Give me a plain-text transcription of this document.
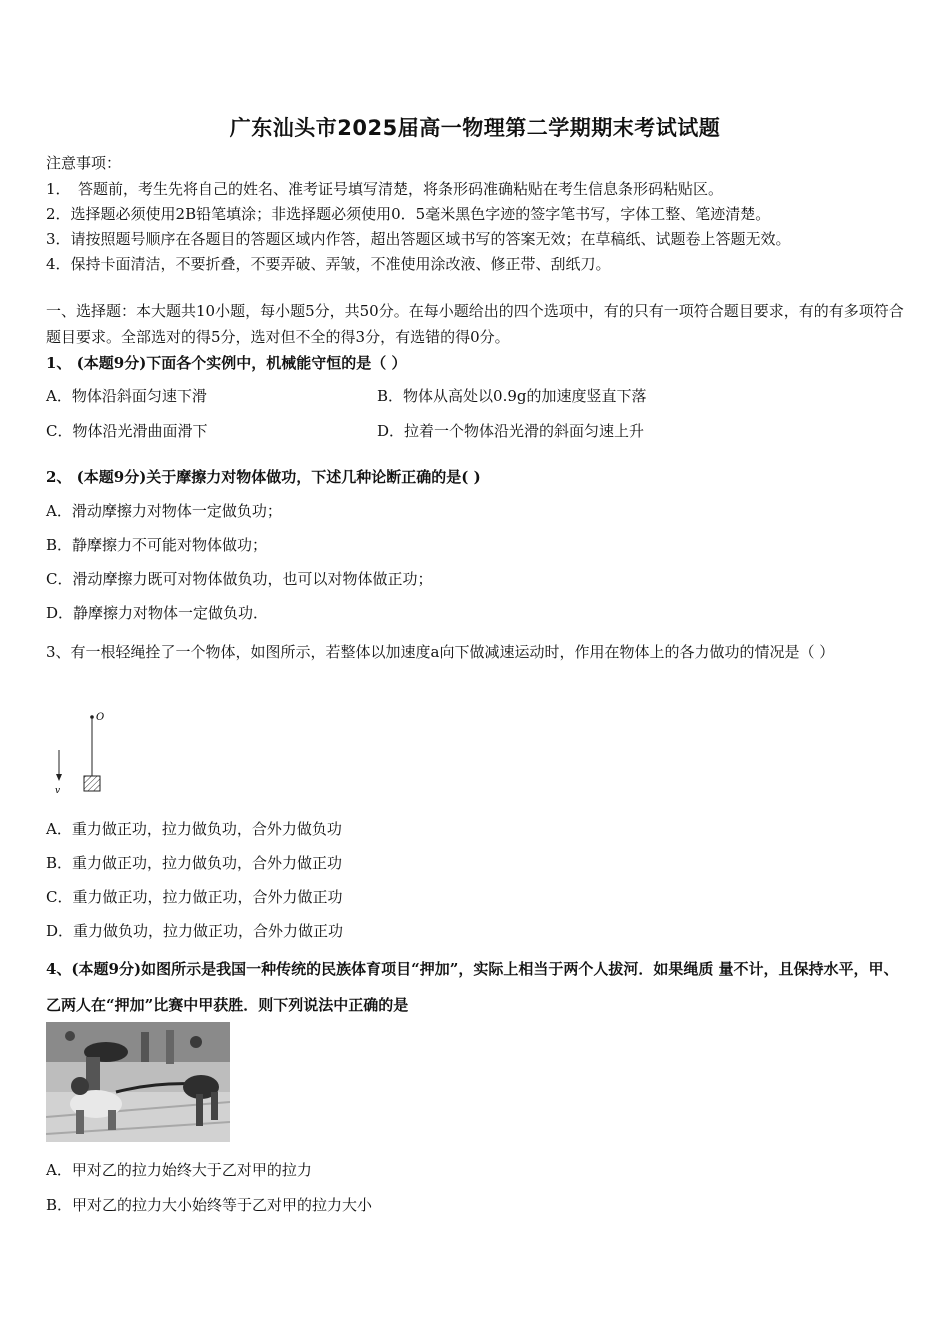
广东汕头市2025届高一物理第二学期期末考试试题
注意事项：
1．　答题前，考生先将自己的姓名、准考证号填写清楚，将条形码准确粘贴在考生信息条形码粘贴区。
2．选择题必须使用2B铅笔填涂；非选择题必须使用0．5毫米黑色字迹的签字笔书写，字体工整、笔迹清楚。
3．请按照题号顺序在各题目的答题区域内作答，超出答题区域书写的答案无效；在草稿纸、试题卷上答题无效。
4．保持卡面清洁，不要折叠，不要弄破、弄皱，不准使用涂改液、修正带、刮纸刀。
一、选择题：本大题共10小题，每小题5分，共50分。在每小题给出的四个选项中，有的只有一项符合题目要求，有的有多项符合题目要求。全部选对的得5分，选对但不全的得3分，有选错的得0分。
1、 (本题9分)下面各个实例中，机械能守恒的是（ ）
A．物体沿斜面匀速下滑	B．物体从高处以0.9g的加速度竖直下落
C．物体沿光滑曲面滑下	D．拉着一个物体沿光滑的斜面匀速上升
2、 (本题9分)关于摩擦力对物体做功，下述几种论断正确的是( )
A．滑动摩擦力对物体一定做负功；
B．静摩擦力不可能对物体做功；
C．滑动摩擦力既可对物体做负功，也可以对物体做正功；
D．静摩擦力对物体一定做负功．
3、有一根轻绳拴了一个物体，如图所示，若整体以加速度a向下做减速运动时，作用在物体上的各力做功的情况是（ ）
O
v
A．重力做正功，拉力做负功，合外力做负功
B．重力做正功，拉力做负功，合外力做正功
C．重力做正功，拉力做正功，合外力做正功
D．重力做负功，拉力做正功，合外力做正功
4、(本题9分)如图所示是我国一种传统的民族体育项目“押加”，实际上相当于两个人拔河．如果绳质 量不计，且保持水平，甲、乙两人在“押加”比赛中甲获胜．则下列说法中正确的是
A．甲对乙的拉力始终大于乙对甲的拉力
B．甲对乙的拉力大小始终等于乙对甲的拉力大小
